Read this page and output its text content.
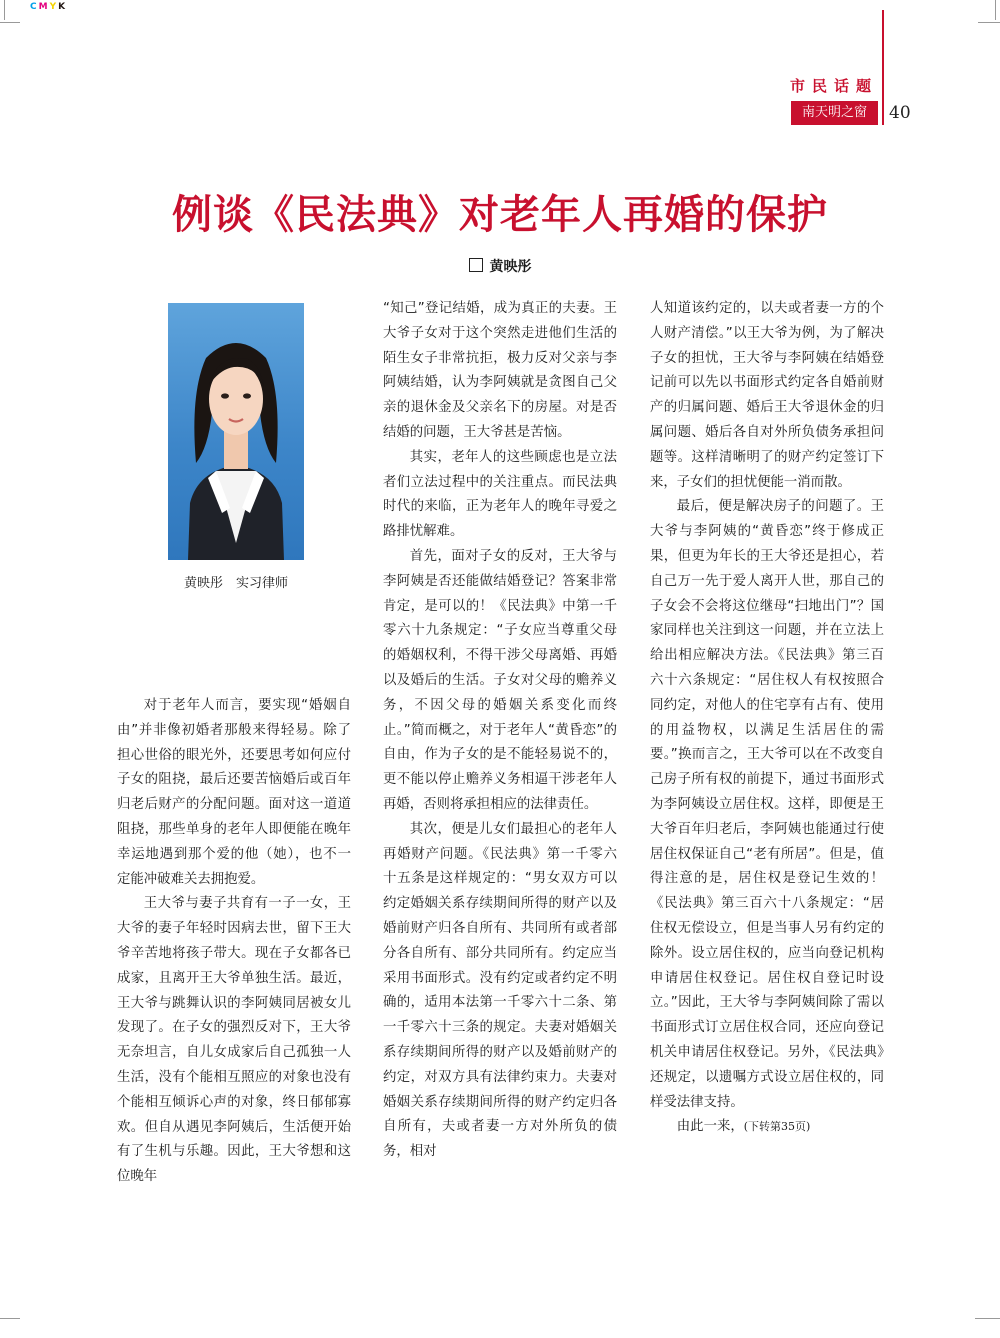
CMYK
市民话题
南天明之窗	40
例谈《民法典》对老年人再婚的保护
黄映彤
黄映彤　实习律师

对于老年人而言，要实现“婚姻自由”并非像初婚者那般来得轻易。除了担心世俗的眼光外，还要思考如何应付子女的阻挠，最后还要苦恼婚后或百年归老后财产的分配问题。面对这一道道阻挠，那些单身的老年人即便能在晚年幸运地遇到那个爱的他（她），也不一定能冲破难关去拥抱爱。

王大爷与妻子共育有一子一女，王大爷的妻子年轻时因病去世，留下王大爷辛苦地将孩子带大。现在子女都各已成家，且离开王大爷单独生活。最近，王大爷与跳舞认识的李阿姨同居被女儿发现了。在子女的强烈反对下，王大爷无奈坦言，自儿女成家后自己孤独一人生活，没有个能相互照应的对象也没有个能相互倾诉心声的对象，终日郁郁寡欢。但自从遇见李阿姨后，生活便开始有了生机与乐趣。因此，王大爷想和这位晚年

“知己”登记结婚，成为真正的夫妻。王大爷子女对于这个突然走进他们生活的陌生女子非常抗拒，极力反对父亲与李阿姨结婚，认为李阿姨就是贪图自己父亲的退休金及父亲名下的房屋。对是否结婚的问题，王大爷甚是苦恼。

其实，老年人的这些顾虑也是立法者们立法过程中的关注重点。而民法典时代的来临，正为老年人的晚年寻爱之路排忧解难。

首先，面对子女的反对，王大爷与李阿姨是否还能做结婚登记？答案非常肯定，是可以的！《民法典》中第一千零六十九条规定：“子女应当尊重父母的婚姻权利，不得干涉父母离婚、再婚以及婚后的生活。子女对父母的赡养义务，不因父母的婚姻关系变化而终止。”简而概之，对于老年人“黄昏恋”的自由，作为子女的是不能轻易说不的，更不能以停止赡养义务相逼干涉老年人再婚，否则将承担相应的法律责任。

其次，便是儿女们最担心的老年人再婚财产问题。《民法典》第一千零六十五条是这样规定的：“男女双方可以约定婚姻关系存续期间所得的财产以及婚前财产归各自所有、共同所有或者部分各自所有、部分共同所有。约定应当采用书面形式。没有约定或者约定不明确的，适用本法第一千零六十二条、第一千零六十三条的规定。夫妻对婚姻关系存续期间所得的财产以及婚前财产的约定，对双方具有法律约束力。夫妻对婚姻关系存续期间所得的财产约定归各自所有，夫或者妻一方对外所负的债务，相对

人知道该约定的，以夫或者妻一方的个人财产清偿。”以王大爷为例，为了解决子女的担忧，王大爷与李阿姨在结婚登记前可以先以书面形式约定各自婚前财产的归属问题、婚后王大爷退休金的归属问题、婚后各自对外所负债务承担问题等。这样清晰明了的财产约定签订下来，子女们的担忧便能一消而散。

最后，便是解决房子的问题了。王大爷与李阿姨的“黄昏恋”终于修成正果，但更为年长的王大爷还是担心，若自己万一先于爱人离开人世，那自己的子女会不会将这位继母“扫地出门”？国家同样也关注到这一问题，并在立法上给出相应解决方法。《民法典》第三百六十六条规定：“居住权人有权按照合同约定，对他人的住宅享有占有、使用的用益物权，以满足生活居住的需要。”换而言之，王大爷可以在不改变自己房子所有权的前提下，通过书面形式为李阿姨设立居住权。这样，即便是王大爷百年归老后，李阿姨也能通过行使居住权保证自己“老有所居”。但是，值得注意的是，居住权是登记生效的！《民法典》第三百六十八条规定：“居住权无偿设立，但是当事人另有约定的除外。设立居住权的，应当向登记机构申请居住权登记。居住权自登记时设立。”因此，王大爷与李阿姨间除了需以书面形式订立居住权合同，还应向登记机关申请居住权登记。另外，《民法典》还规定，以遗嘱方式设立居住权的，同样受法律支持。

由此一来，(下转第35页)
